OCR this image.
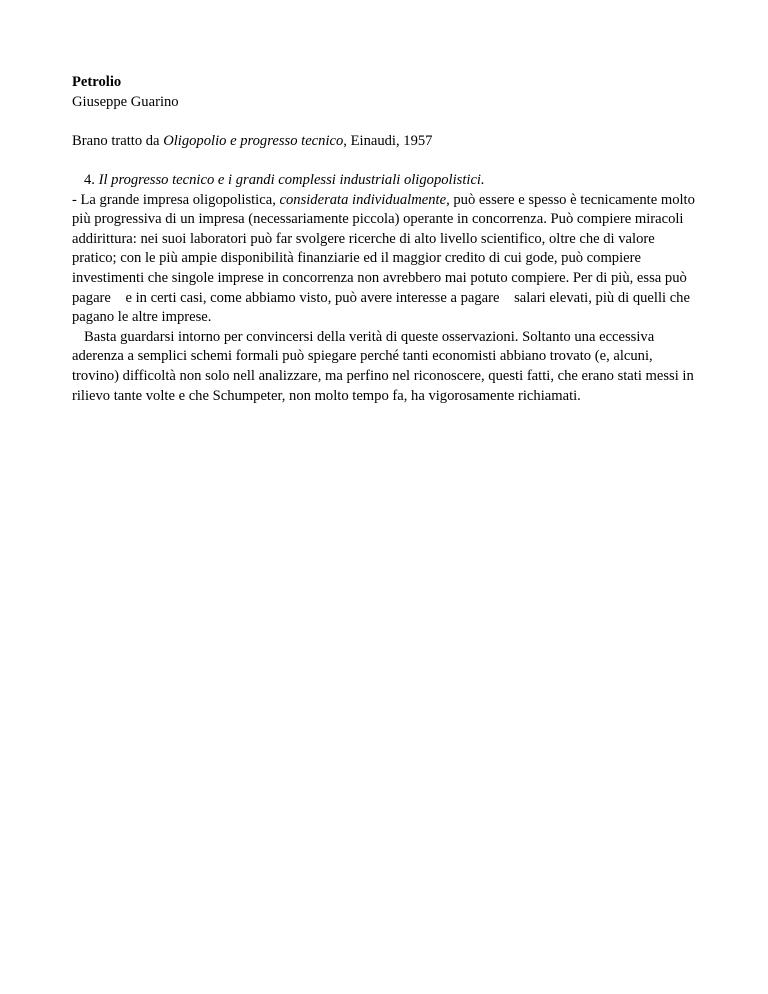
Petrolio

Giuseppe Guarino

Brano tratto da Oligopolio e progresso tecnico, Einaudi, 1957

4. Il progresso tecnico e i grandi complessi industriali oligopolistici.

- La grande impresa oligopolistica, considerata individualmente, può essere e spesso è tecnicamente molto più progressiva di un impresa (necessariamente piccola) operante in concorrenza. Può compiere miracoli addirittura: nei suoi laboratori può far svolgere ricerche di alto livello scientifico, oltre che di valore pratico; con le più ampie disponibilità finanziarie ed il maggior credito di cui gode, può compiere investimenti che singole imprese in concorrenza non avrebbero mai potuto compiere. Per di più, essa può pagare    e in certi casi, come abbiamo visto, può avere interesse a pagare    salari elevati, più di quelli che pagano le altre imprese.

Basta guardarsi intorno per convincersi della verità di queste osservazioni. Soltanto una eccessiva aderenza a semplici schemi formali può spiegare perché tanti economisti abbiano trovato (e, alcuni, trovino) difficoltà non solo nell analizzare, ma perfino nel riconoscere, questi fatti, che erano stati messi in rilievo tante volte e che Schumpeter, non molto tempo fa, ha vigorosamente richiamati.
